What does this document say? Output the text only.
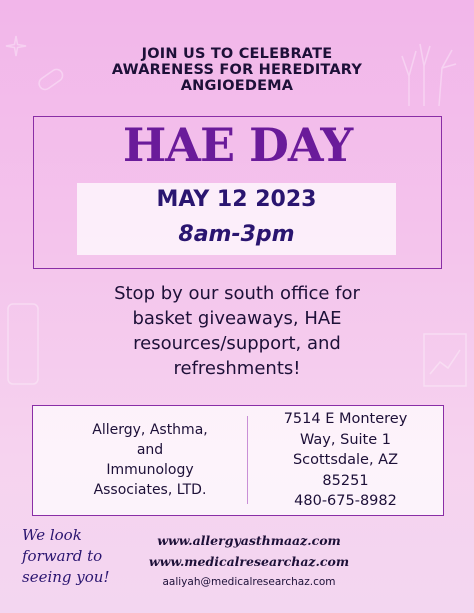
JOIN US TO CELEBRATE
AWARENESS FOR HEREDITARY
ANGIOEDEMA
HAE DAY
MAY 12 2023
8am-3pm
Stop by our south office for
basket giveaways, HAE
resources/support, and
refreshments!
Allergy, Asthma,
and
Immunology
Associates, LTD.
7514 E Monterey
Way, Suite 1
Scottsdale, AZ
85251
480-675-8982
We look
forward to
seeing you!
www.allergyasthmaaz.com
www.medicalresearchaz.com
aaliyah@medicalresearchaz.com
